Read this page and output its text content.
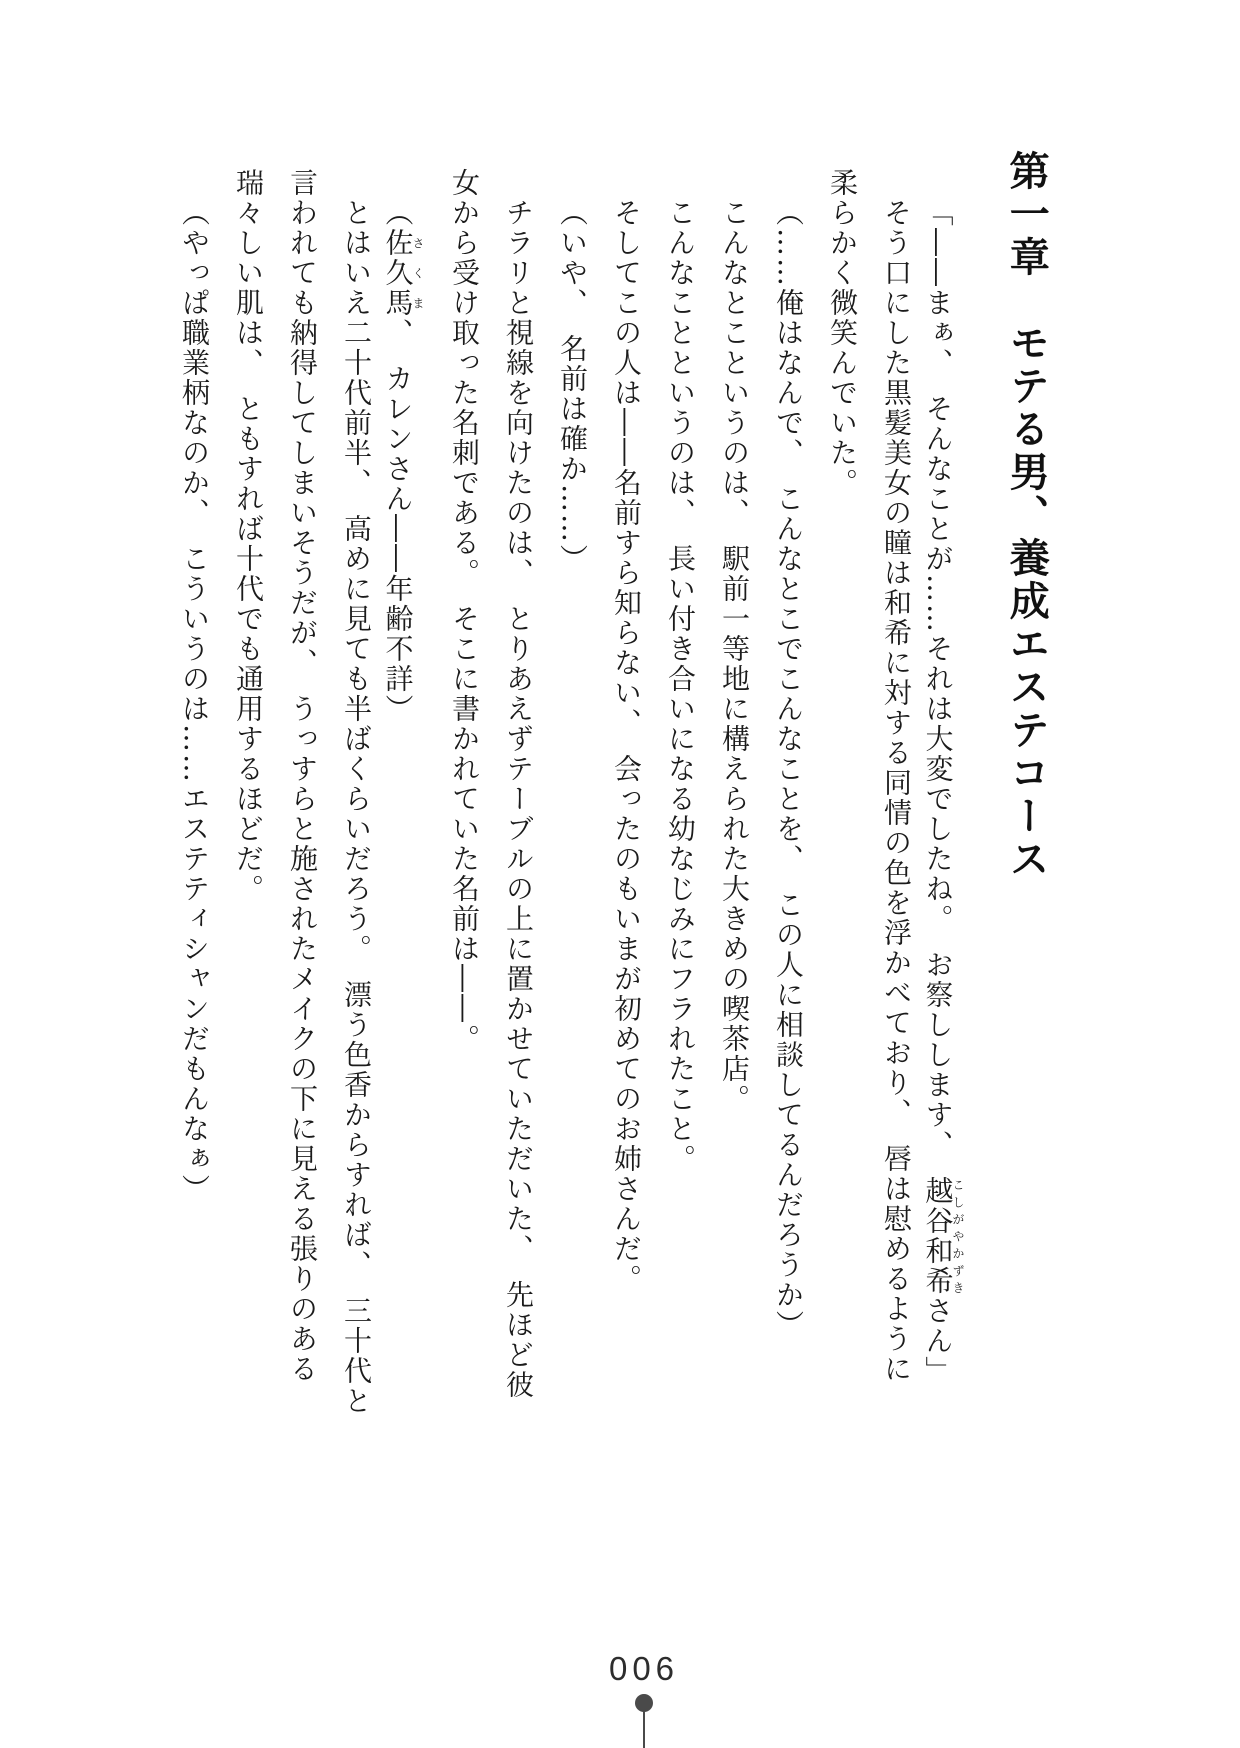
第一章　モテる男、養成エステコース

「――まぁ、　そんなことが……それは大変でしたね。　お察しします、　越谷和希こしがやかずきさん」

そう口にした黒髪美女の瞳は和希に対する同情の色を浮かべており、　唇は慰めるように

柔らかく微笑んでいた。

（……俺はなんで、　こんなとこでこんなことを、　この人に相談してるんだろうか）

こんなとこというのは、　駅前一等地に構えられた大きめの喫茶店。

こんなことというのは、　長い付き合いになる幼なじみにフラれたこと。

そしてこの人は――名前すら知らない、　会ったのもいまが初めてのお姉さんだ。

（いや、　名前は確か……）

チラリと視線を向けたのは、　とりあえずテーブルの上に置かせていただいた、　先ほど彼

女から受け取った名刺である。　そこに書かれていた名前は――。

（佐久馬さくま、　カレンさん――年齢不詳）

とはいえ二十代前半、　高めに見ても半ばくらいだろう。　漂う色香からすれば、　三十代と

言われても納得してしまいそうだが、　うっすらと施されたメイクの下に見える張りのある

瑞々しい肌は、　ともすれば十代でも通用するほどだ。

（やっぱ職業柄なのか、　こういうのは……エステティシャンだもんなぁ）

006
